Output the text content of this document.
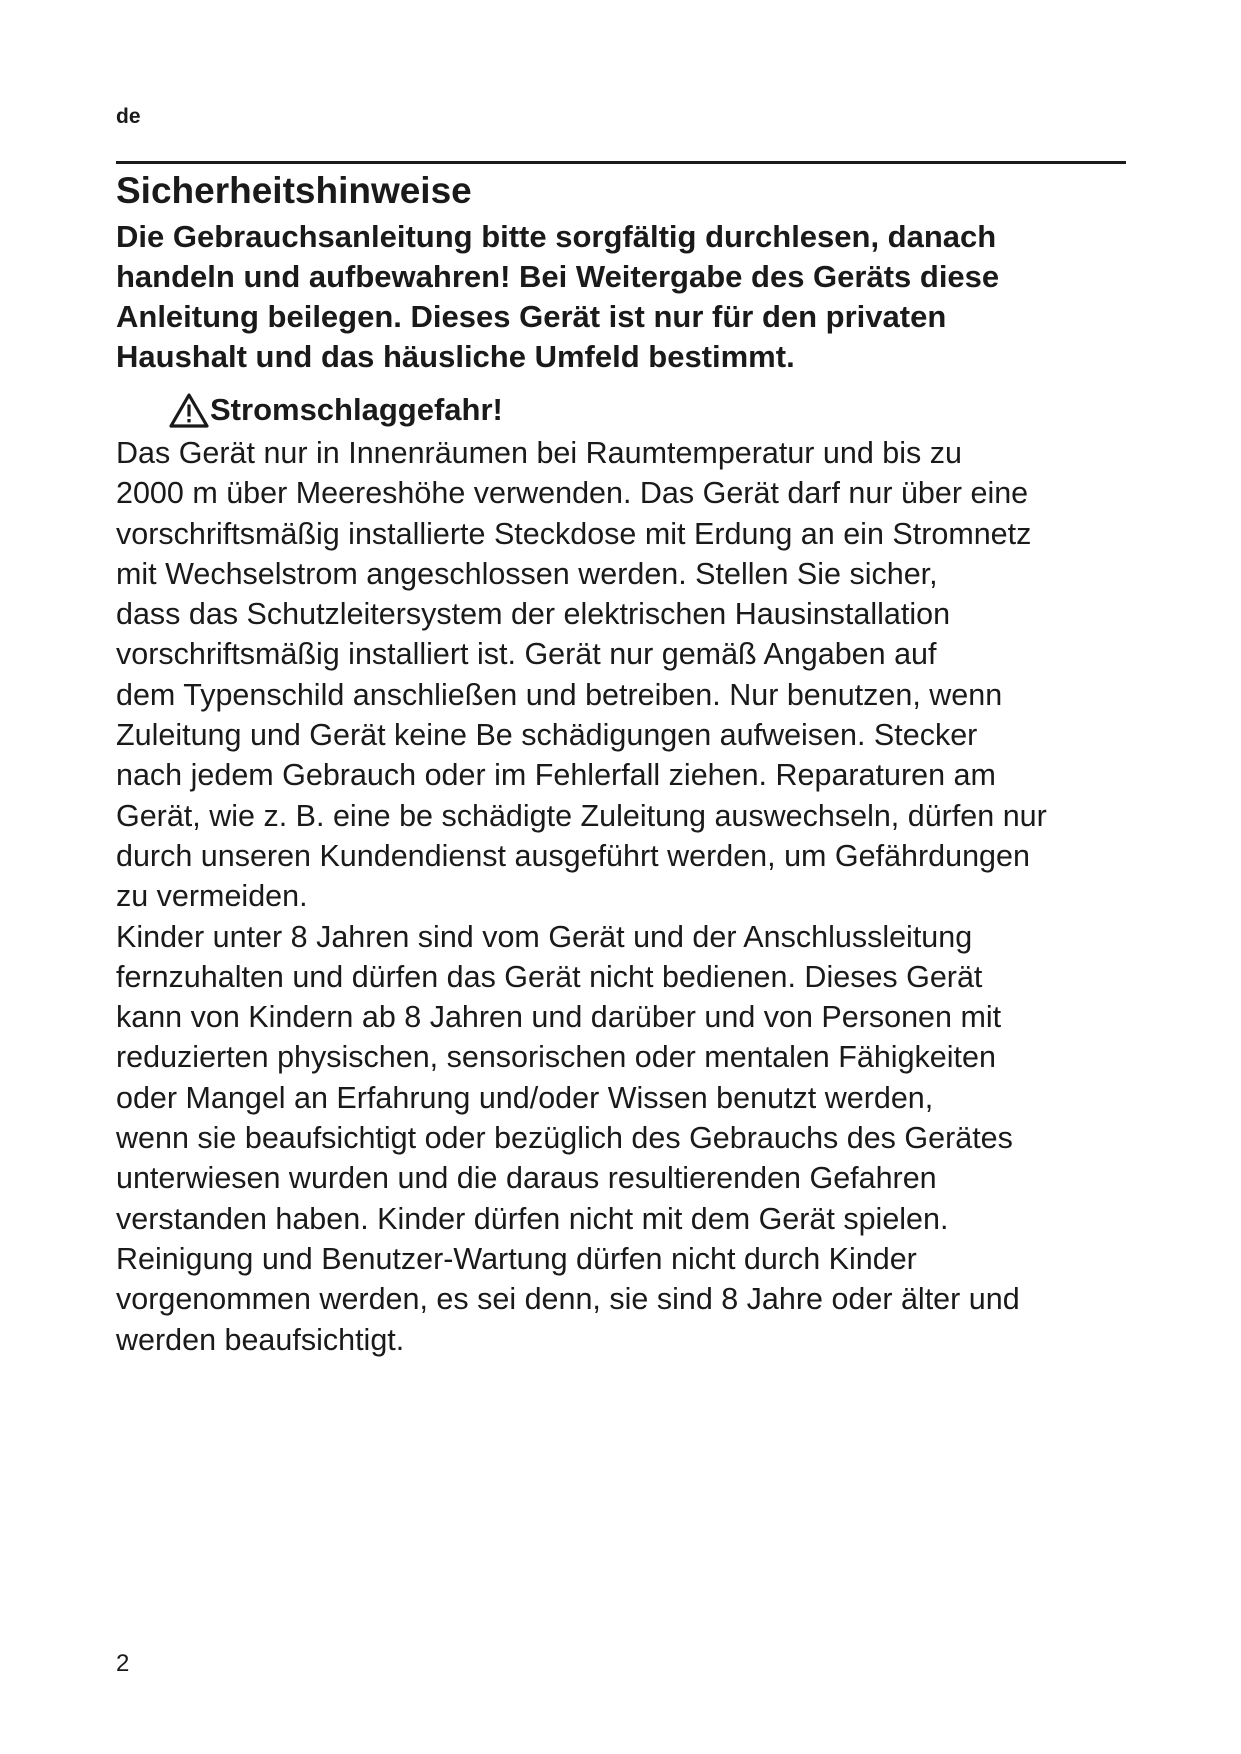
de
Sicherheitshinweise
Die Gebrauchsanleitung bitte sorgfältig durchlesen, danach
handeln und aufbewahren! Bei Weitergabe des Geräts diese
Anleitung beilegen. Dieses Gerät ist nur für den privaten
Haushalt und das häusliche Umfeld bestimmt.
Stromschlaggefahr!
Das Gerät nur in Innenräumen bei Raumtemperatur und bis zu
2000 m über Meereshöhe verwenden. Das Gerät darf nur über eine
vorschriftsmäßig installierte Steckdose mit Erdung an ein Stromnetz
mit Wechselstrom angeschlossen werden. Stellen Sie sicher,
dass das Schutzleitersystem der elektrischen Hausinstallation
vorschriftsmäßig installiert ist. Gerät nur gemäß Angaben auf
dem Typenschild anschließen und betreiben. Nur benutzen, wenn
Zuleitung und Gerät keine Be schädigungen aufweisen. Stecker
nach jedem Gebrauch oder im Fehlerfall ziehen. Reparaturen am
Gerät, wie z. B. eine be schädigte Zuleitung auswechseln, dürfen nur
durch unseren Kundendienst ausgeführt werden, um Gefährdungen
zu vermeiden.
Kinder unter 8 Jahren sind vom Gerät und der Anschlussleitung
fernzuhalten und dürfen das Gerät nicht bedienen. Dieses Gerät
kann von Kindern ab 8 Jahren und darüber und von Personen mit
reduzierten physischen, sensorischen oder mentalen Fähigkeiten
oder Mangel an Erfahrung und/oder Wissen benutzt werden,
wenn sie beaufsichtigt oder bezüglich des Gebrauchs des Gerätes
unterwiesen wurden und die daraus resultierenden Gefahren
verstanden haben. Kinder dürfen nicht mit dem Gerät spielen.
Reinigung und Benutzer-Wartung dürfen nicht durch Kinder
vorgenommen werden, es sei denn, sie sind 8 Jahre oder älter und
werden beaufsichtigt.
2
